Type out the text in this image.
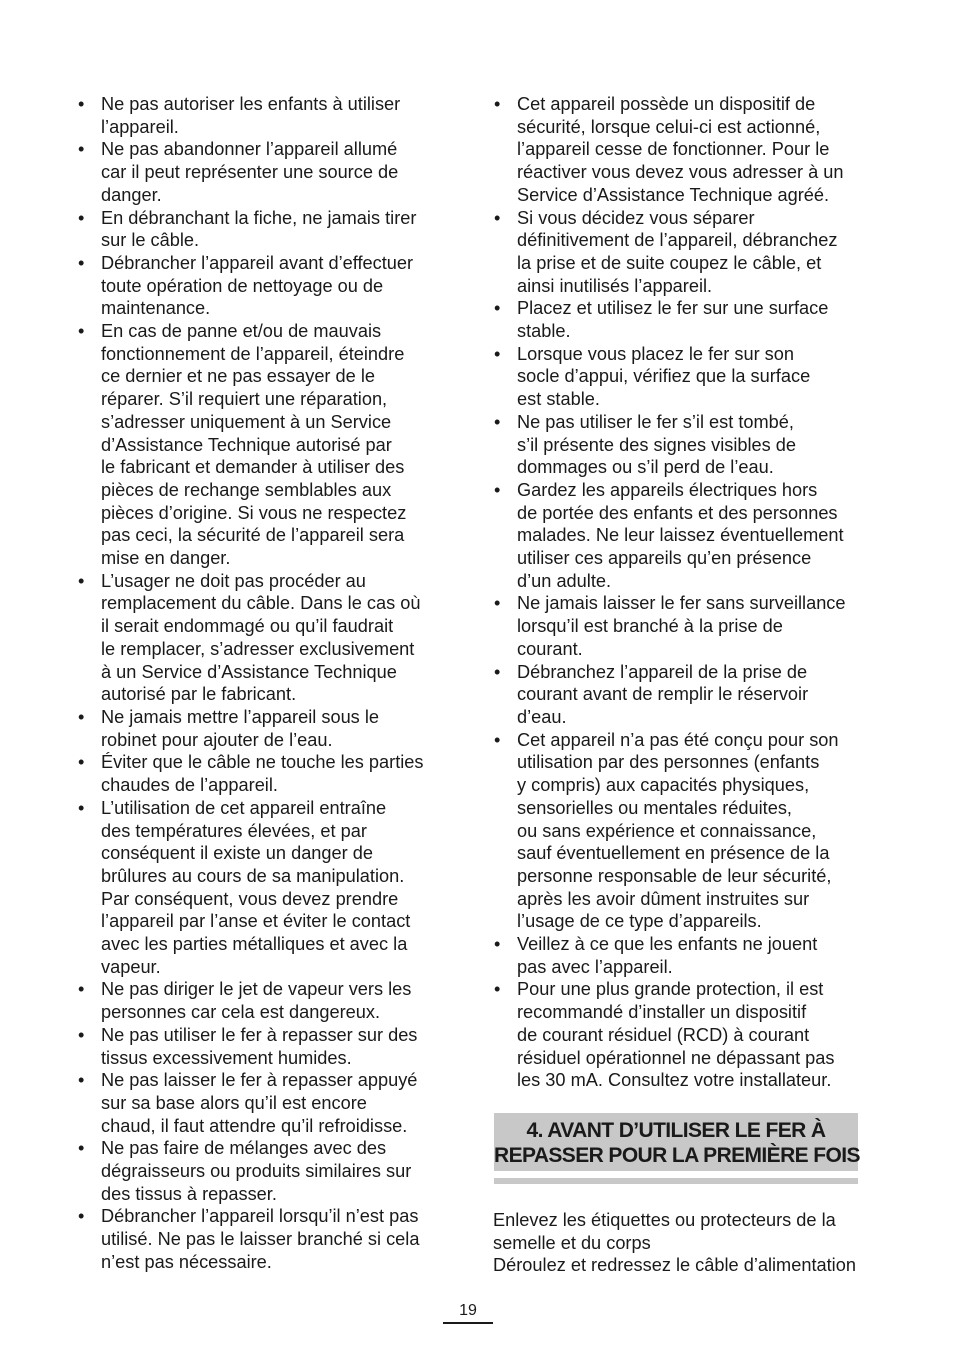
• Ne pas autoriser les enfants à utiliser
l’appareil.
• Ne pas abandonner l’appareil allumé
car il peut représenter une source de
danger.
• En débranchant la fiche, ne jamais tirer
sur le câble.
• Débrancher l’appareil avant d’effectuer
toute opération de nettoyage ou de
maintenance.
• En cas de panne et/ou de mauvais
fonctionnement de l’appareil, éteindre
ce dernier et ne pas essayer de le
réparer. S’il requiert une réparation,
s’adresser uniquement à un Service
d’Assistance Technique autorisé par
le fabricant et demander à utiliser des
pièces de rechange semblables aux
pièces d’origine. Si vous ne respectez
pas ceci, la sécurité de l’appareil sera
mise en danger.
• L’usager ne doit pas procéder au
remplacement du câble. Dans le cas où
il serait endommagé ou qu’il faudrait
le remplacer, s’adresser exclusivement
à un Service d’Assistance Technique
autorisé par le fabricant.
• Ne jamais mettre l’appareil sous le
robinet pour ajouter de l’eau.
• Éviter que le câble ne touche les parties
chaudes de l’appareil.
• L’utilisation de cet appareil entraîne
des températures élevées, et par
conséquent il existe un danger de
brûlures au cours de sa manipulation.
Par conséquent, vous devez prendre
l’appareil par l’anse et éviter le contact
avec les parties métalliques et avec la
vapeur.
• Ne pas diriger le jet de vapeur vers les
personnes car cela est dangereux.
• Ne pas utiliser le fer à repasser sur des
tissus excessivement humides.
• Ne pas laisser le fer à repasser appuyé
sur sa base alors qu’il est encore
chaud, il faut attendre qu’il refroidisse.
• Ne pas faire de mélanges avec des
dégraisseurs ou produits similaires sur
des tissus à repasser.
• Débrancher l’appareil lorsqu’il n’est pas
utilisé. Ne pas le laisser branché si cela
n’est pas nécessaire.
• Cet appareil possède un dispositif de
sécurité, lorsque celui-ci est actionné,
l’appareil cesse de fonctionner. Pour le
réactiver vous devez vous adresser à un
Service d’Assistance Technique agréé.
• Si vous décidez vous séparer
définitivement de l’appareil, débranchez
la prise et de suite coupez le câble, et
ainsi inutilisés l’appareil.
• Placez et utilisez le fer sur une surface
stable.
• Lorsque vous placez le fer sur son
socle d’appui, vérifiez que la surface
est stable.
• Ne pas utiliser le fer s’il est tombé,
s’il présente des signes visibles de
dommages ou s’il perd de l’eau.
• Gardez les appareils électriques hors
de portée des enfants et des personnes
malades. Ne leur laissez éventuellement
utiliser ces appareils qu’en présence
d’un adulte.
• Ne jamais laisser le fer sans surveillance
lorsqu’il est branché à la prise de
courant.
• Débranchez l’appareil de la prise de
courant avant de remplir le réservoir
d’eau.
• Cet appareil n’a pas été conçu pour son
utilisation par des personnes (enfants
y compris) aux capacités physiques,
sensorielles ou mentales réduites,
ou sans expérience et connaissance,
sauf éventuellement en présence de la
personne responsable de leur sécurité,
après les avoir dûment instruites sur
l’usage de ce type d’appareils.
• Veillez à ce que les enfants ne jouent
pas avec l’appareil.
• Pour une plus grande protection, il est
recommandé d’installer un dispositif
de courant résiduel (RCD) à courant
résiduel opérationnel ne dépassant pas
les 30 mA. Consultez votre installateur.
4. AVANT D’UTILISER LE FER À
REPASSER POUR LA PREMIÈRE FOIS
Enlevez les étiquettes ou protecteurs de la
semelle et du corps
Déroulez et redressez le câble d’alimentation
19
